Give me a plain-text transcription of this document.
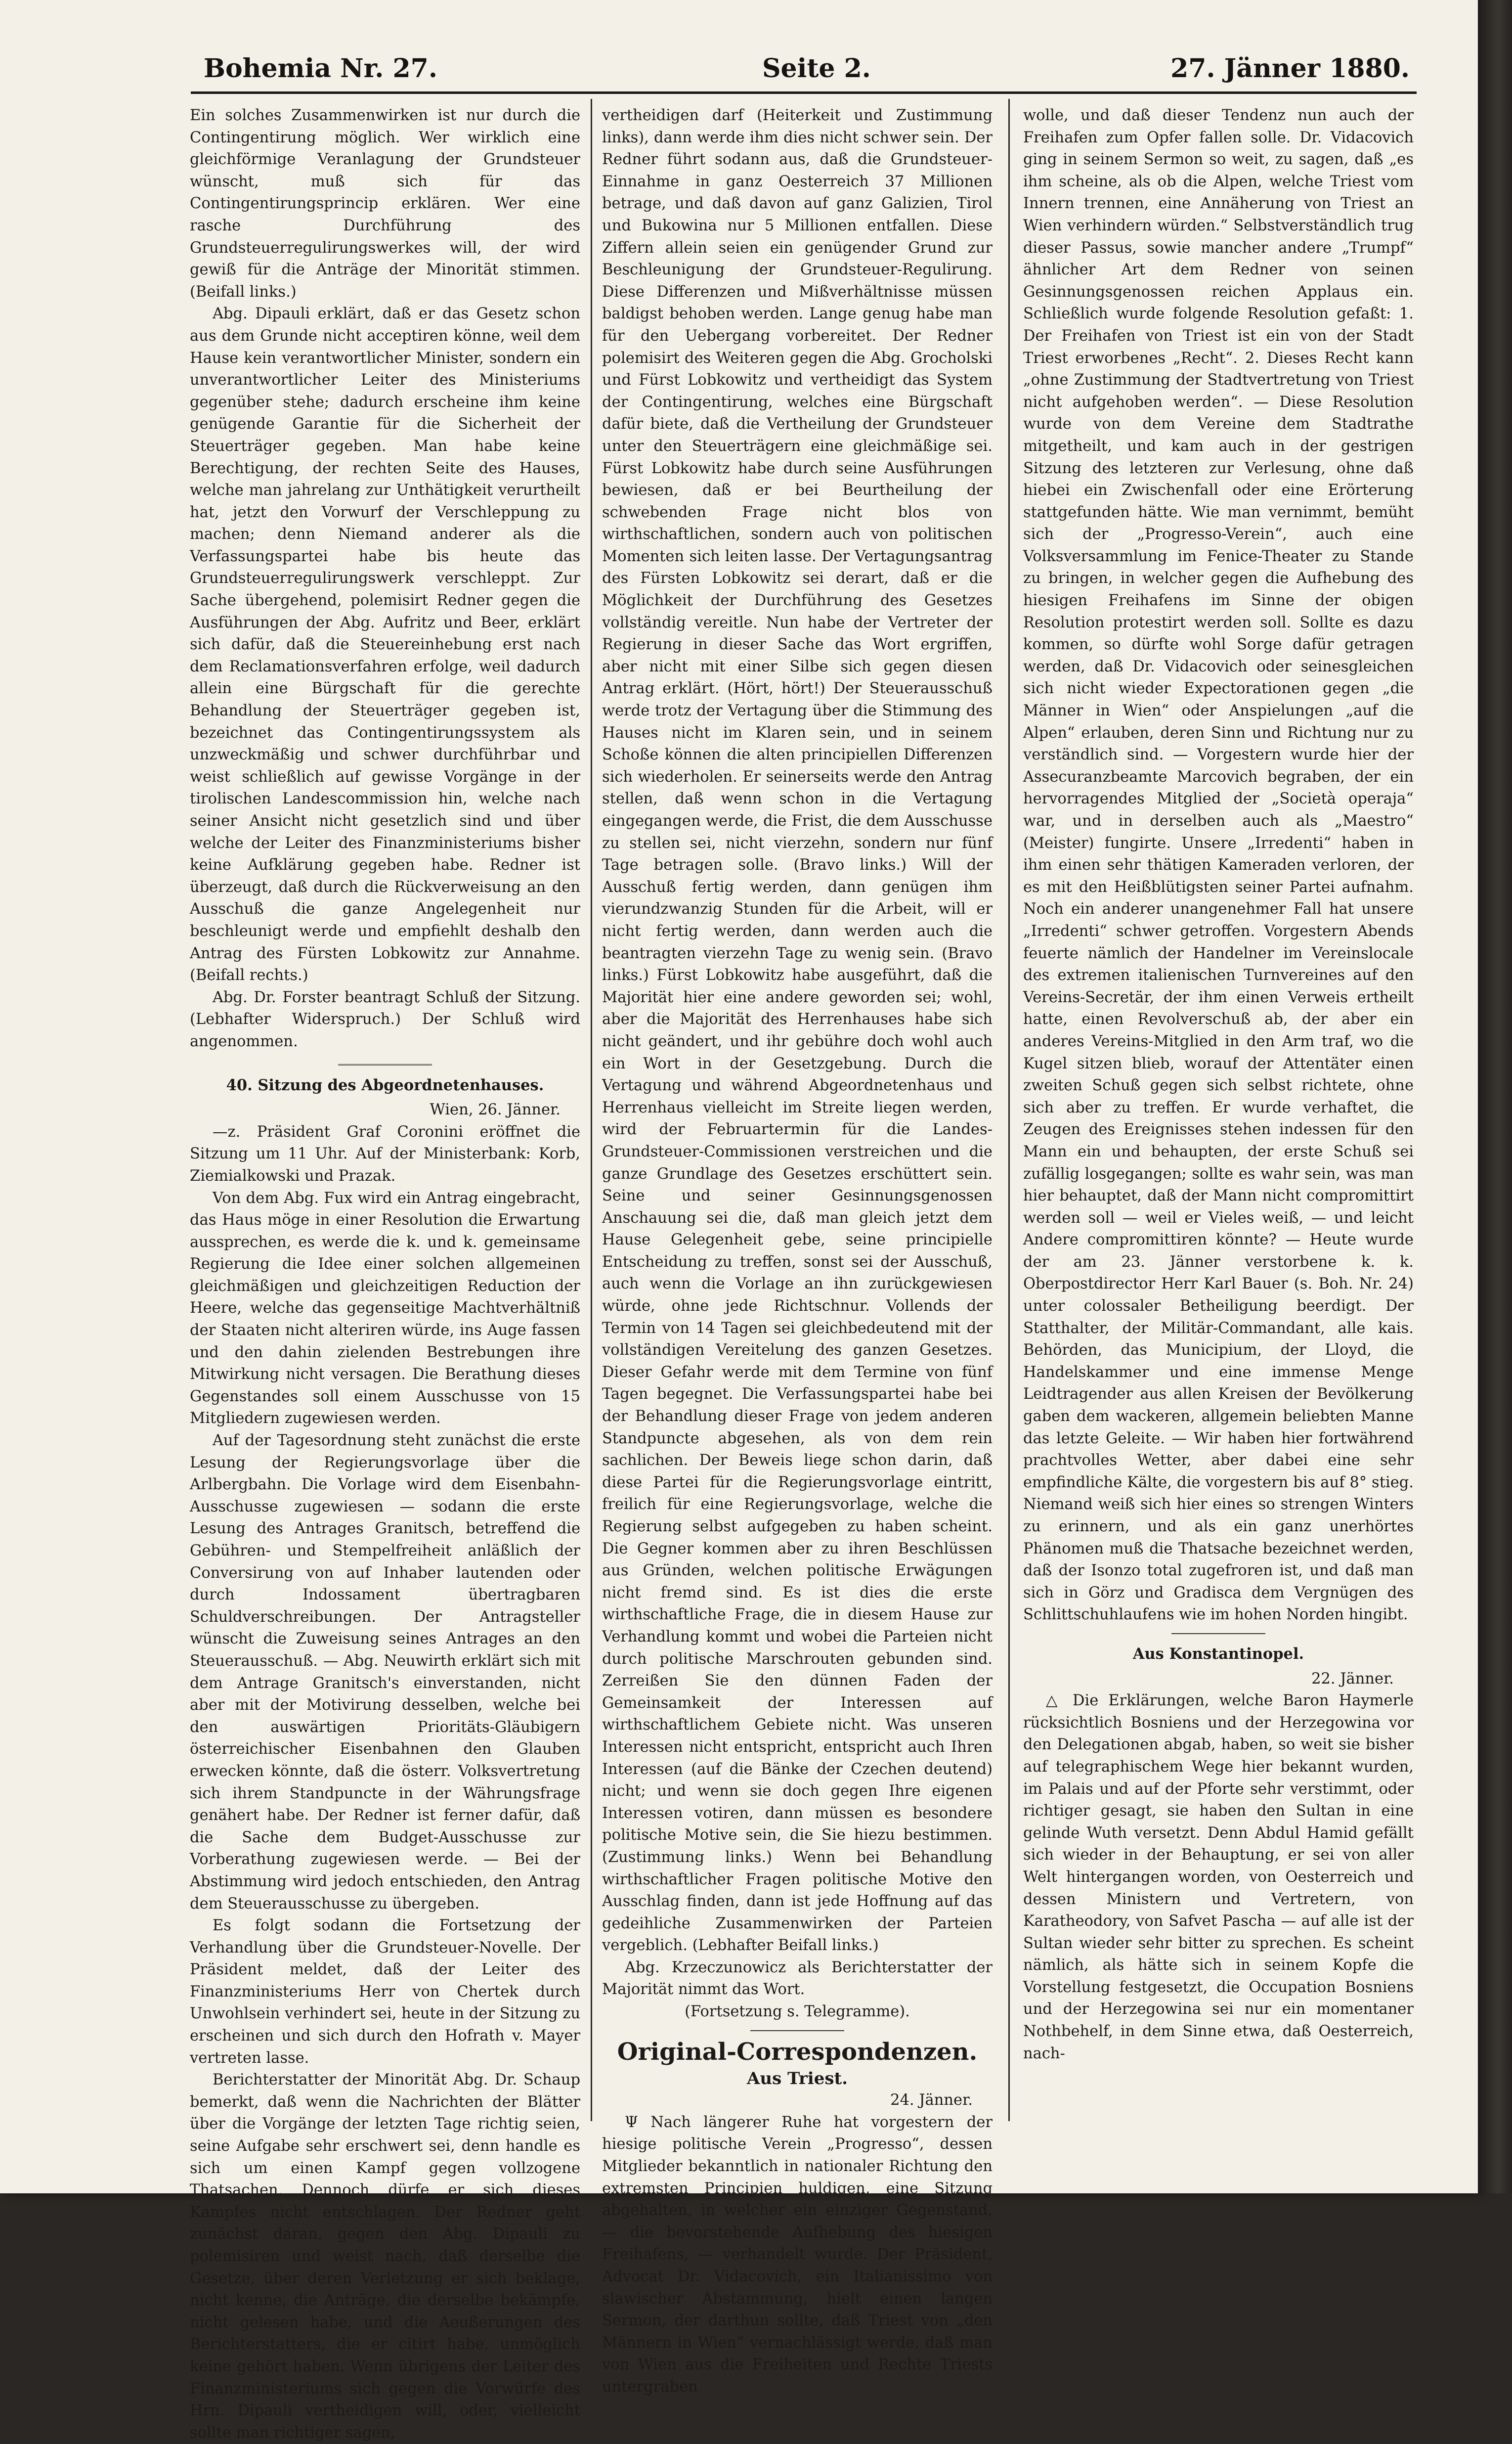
Bohemia Nr. 27.	Seite 2.	27. Jänner 1880.

Ein solches Zusammenwirken ist nur durch die Contingentirung möglich. Wer wirklich eine gleichförmige Veranlagung der Grundsteuer wünscht, muß sich für das Contingentirungsprincip erklären. Wer eine rasche Durchführung des Grundsteuerregulirungswerkes will, der wird gewiß für die Anträge der Minorität stimmen. (Beifall links.)

Abg. Dipauli erklärt, daß er das Gesetz schon aus dem Grunde nicht acceptiren könne, weil dem Hause kein verantwortlicher Minister, sondern ein unverantwortlicher Leiter des Ministeriums gegenüber stehe; dadurch erscheine ihm keine genügende Garantie für die Sicherheit der Steuerträger gegeben. Man habe keine Berechtigung, der rechten Seite des Hauses, welche man jahrelang zur Unthätigkeit verurtheilt hat, jetzt den Vorwurf der Verschleppung zu machen; denn Niemand anderer als die Verfassungspartei habe bis heute das Grundsteuerregulirungswerk verschleppt. Zur Sache übergehend, polemisirt Redner gegen die Ausführungen der Abg. Aufritz und Beer, erklärt sich dafür, daß die Steuereinhebung erst nach dem Reclamationsverfahren erfolge, weil dadurch allein eine Bürgschaft für die gerechte Behandlung der Steuerträger gegeben ist, bezeichnet das Contingentirungssystem als unzweckmäßig und schwer durchführbar und weist schließlich auf gewisse Vorgänge in der tirolischen Landescommission hin, welche nach seiner Ansicht nicht gesetzlich sind und über welche der Leiter des Finanzministeriums bisher keine Aufklärung gegeben habe. Redner ist überzeugt, daß durch die Rückverweisung an den Ausschuß die ganze Angelegenheit nur beschleunigt werde und empfiehlt deshalb den Antrag des Fürsten Lobkowitz zur Annahme. (Beifall rechts.)

Abg. Dr. Forster beantragt Schluß der Sitzung. (Lebhafter Widerspruch.) Der Schluß wird angenommen.

40. Sitzung des Abgeordnetenhauses.

Wien, 26. Jänner.

—z. Präsident Graf Coronini eröffnet die Sitzung um 11 Uhr. Auf der Ministerbank: Korb, Ziemialkowski und Prazak.

Von dem Abg. Fux wird ein Antrag eingebracht, das Haus möge in einer Resolution die Erwartung aussprechen, es werde die k. und k. gemeinsame Regierung die Idee einer solchen allgemeinen gleichmäßigen und gleichzeitigen Reduction der Heere, welche das gegenseitige Machtverhältniß der Staaten nicht alteriren würde, ins Auge fassen und den dahin zielenden Bestrebungen ihre Mitwirkung nicht versagen. Die Berathung dieses Gegenstandes soll einem Ausschusse von 15 Mitgliedern zugewiesen werden.

Auf der Tagesordnung steht zunächst die erste Lesung der Regierungsvorlage über die Arlbergbahn. Die Vorlage wird dem Eisenbahn-Ausschusse zugewiesen — sodann die erste Lesung des Antrages Granitsch, betreffend die Gebühren- und Stempelfreiheit anläßlich der Conversirung von auf Inhaber lautenden oder durch Indossament übertragbaren Schuldverschreibungen. Der Antragsteller wünscht die Zuweisung seines Antrages an den Steuerausschuß. — Abg. Neuwirth erklärt sich mit dem Antrage Granitsch's einverstanden, nicht aber mit der Motivirung desselben, welche bei den auswärtigen Prioritäts-Gläubigern österreichischer Eisenbahnen den Glauben erwecken könnte, daß die österr. Volksvertretung sich ihrem Standpuncte in der Währungsfrage genähert habe. Der Redner ist ferner dafür, daß die Sache dem Budget-Ausschusse zur Vorberathung zugewiesen werde. — Bei der Abstimmung wird jedoch entschieden, den Antrag dem Steuerausschusse zu übergeben.

Es folgt sodann die Fortsetzung der Verhandlung über die Grundsteuer-Novelle. Der Präsident meldet, daß der Leiter des Finanzministeriums Herr von Chertek durch Unwohlsein verhindert sei, heute in der Sitzung zu erscheinen und sich durch den Hofrath v. Mayer vertreten lasse.

Berichterstatter der Minorität Abg. Dr. Schaup bemerkt, daß wenn die Nachrichten der Blätter über die Vorgänge der letzten Tage richtig seien, seine Aufgabe sehr erschwert sei, denn handle es sich um einen Kampf gegen vollzogene Thatsachen. Dennoch dürfe er sich dieses Kampfes nicht entschlagen. Der Redner geht zunächst daran, gegen den Abg. Dipauli zu polemisiren und weist nach, daß derselbe die Gesetze, über deren Verletzung er sich beklage, nicht kenne, die Anträge, die derselbe bekämpfe, nicht gelesen habe, und die Aeußerungen des Berichterstatters, die er citirt habe, unmöglich keine gehört haben. Wenn übrigens der Leiter des Finanzministeriums sich gegen die Vorwürfe des Hrn. Dipauli vertheidigen will, oder, vielleicht sollte man richtiger sagen,

vertheidigen darf (Heiterkeit und Zustimmung links), dann werde ihm dies nicht schwer sein. Der Redner führt sodann aus, daß die Grundsteuer-Einnahme in ganz Oesterreich 37 Millionen betrage, und daß davon auf ganz Galizien, Tirol und Bukowina nur 5 Millionen entfallen. Diese Ziffern allein seien ein genügender Grund zur Beschleunigung der Grundsteuer-Regulirung. Diese Differenzen und Mißverhältnisse müssen baldigst behoben werden. Lange genug habe man für den Uebergang vorbereitet. Der Redner polemisirt des Weiteren gegen die Abg. Grocholski und Fürst Lobkowitz und vertheidigt das System der Contingentirung, welches eine Bürgschaft dafür biete, daß die Vertheilung der Grundsteuer unter den Steuerträgern eine gleichmäßige sei. Fürst Lobkowitz habe durch seine Ausführungen bewiesen, daß er bei Beurtheilung der schwebenden Frage nicht blos von wirthschaftlichen, sondern auch von politischen Momenten sich leiten lasse. Der Vertagungsantrag des Fürsten Lobkowitz sei derart, daß er die Möglichkeit der Durchführung des Gesetzes vollständig vereitle. Nun habe der Vertreter der Regierung in dieser Sache das Wort ergriffen, aber nicht mit einer Silbe sich gegen diesen Antrag erklärt. (Hört, hört!) Der Steuerausschuß werde trotz der Vertagung über die Stimmung des Hauses nicht im Klaren sein, und in seinem Schoße können die alten principiellen Differenzen sich wiederholen. Er seinerseits werde den Antrag stellen, daß wenn schon in die Vertagung eingegangen werde, die Frist, die dem Ausschusse zu stellen sei, nicht vierzehn, sondern nur fünf Tage betragen solle. (Bravo links.) Will der Ausschuß fertig werden, dann genügen ihm vierundzwanzig Stunden für die Arbeit, will er nicht fertig werden, dann werden auch die beantragten vierzehn Tage zu wenig sein. (Bravo links.) Fürst Lobkowitz habe ausgeführt, daß die Majorität hier eine andere geworden sei; wohl, aber die Majorität des Herrenhauses habe sich nicht geändert, und ihr gebühre doch wohl auch ein Wort in der Gesetzgebung. Durch die Vertagung und während Abgeordnetenhaus und Herrenhaus vielleicht im Streite liegen werden, wird der Februartermin für die Landes-Grundsteuer-Commissionen verstreichen und die ganze Grundlage des Gesetzes erschüttert sein. Seine und seiner Gesinnungsgenossen Anschauung sei die, daß man gleich jetzt dem Hause Gelegenheit gebe, seine principielle Entscheidung zu treffen, sonst sei der Ausschuß, auch wenn die Vorlage an ihn zurückgewiesen würde, ohne jede Richtschnur. Vollends der Termin von 14 Tagen sei gleichbedeutend mit der vollständigen Vereitelung des ganzen Gesetzes. Dieser Gefahr werde mit dem Termine von fünf Tagen begegnet. Die Verfassungspartei habe bei der Behandlung dieser Frage von jedem anderen Standpuncte abgesehen, als von dem rein sachlichen. Der Beweis liege schon darin, daß diese Partei für die Regierungsvorlage eintritt, freilich für eine Regierungsvorlage, welche die Regierung selbst aufgegeben zu haben scheint. Die Gegner kommen aber zu ihren Beschlüssen aus Gründen, welchen politische Erwägungen nicht fremd sind. Es ist dies die erste wirthschaftliche Frage, die in diesem Hause zur Verhandlung kommt und wobei die Parteien nicht durch politische Marschrouten gebunden sind. Zerreißen Sie den dünnen Faden der Gemeinsamkeit der Interessen auf wirthschaftlichem Gebiete nicht. Was unseren Interessen nicht entspricht, entspricht auch Ihren Interessen (auf die Bänke der Czechen deutend) nicht; und wenn sie doch gegen Ihre eigenen Interessen votiren, dann müssen es besondere politische Motive sein, die Sie hiezu bestimmen. (Zustimmung links.) Wenn bei Behandlung wirthschaftlicher Fragen politische Motive den Ausschlag finden, dann ist jede Hoffnung auf das gedeihliche Zusammenwirken der Parteien vergeblich. (Lebhafter Beifall links.)

Abg. Krzeczunowicz als Berichterstatter der Majorität nimmt das Wort.

(Fortsetzung s. Telegramme).

Original-Correspondenzen.

Aus Triest.

24. Jänner.

Ψ Nach längerer Ruhe hat vorgestern der hiesige politische Verein „Progresso“, dessen Mitglieder bekanntlich in nationaler Richtung den extremsten Principien huldigen, eine Sitzung abgehalten, in welcher ein einziger Gegenstand, — die bevorstehende Aufhebung des hiesigen Freihafens, — verhandelt wurde. Der Präsident, Advocat Dr. Vidacovich, ein Italianissimo von slawischer Abstammung, hielt einen langen Sermon, der darthun sollte, daß Triest von „den Männern in Wien“ vernachlässigt werde, daß man von Wien aus die Freiheiten und Rechte Triests untergraben

wolle, und daß dieser Tendenz nun auch der Freihafen zum Opfer fallen solle. Dr. Vidacovich ging in seinem Sermon so weit, zu sagen, daß „es ihm scheine, als ob die Alpen, welche Triest vom Innern trennen, eine Annäherung von Triest an Wien verhindern würden.“ Selbstverständlich trug dieser Passus, sowie mancher andere „Trumpf“ ähnlicher Art dem Redner von seinen Gesinnungsgenossen reichen Applaus ein. Schließlich wurde folgende Resolution gefaßt: 1. Der Freihafen von Triest ist ein von der Stadt Triest erworbenes „Recht“. 2. Dieses Recht kann „ohne Zustimmung der Stadtvertretung von Triest nicht aufgehoben werden“. — Diese Resolution wurde von dem Vereine dem Stadtrathe mitgetheilt, und kam auch in der gestrigen Sitzung des letzteren zur Verlesung, ohne daß hiebei ein Zwischenfall oder eine Erörterung stattgefunden hätte. Wie man vernimmt, bemüht sich der „Progresso-Verein“, auch eine Volksversammlung im Fenice-Theater zu Stande zu bringen, in welcher gegen die Aufhebung des hiesigen Freihafens im Sinne der obigen Resolution protestirt werden soll. Sollte es dazu kommen, so dürfte wohl Sorge dafür getragen werden, daß Dr. Vidacovich oder seinesgleichen sich nicht wieder Expectorationen gegen „die Männer in Wien“ oder Anspielungen „auf die Alpen“ erlauben, deren Sinn und Richtung nur zu verständlich sind. — Vorgestern wurde hier der Assecuranzbeamte Marcovich begraben, der ein hervorragendes Mitglied der „Società operaja“ war, und in derselben auch als „Maestro“ (Meister) fungirte. Unsere „Irredenti“ haben in ihm einen sehr thätigen Kameraden verloren, der es mit den Heißblütigsten seiner Partei aufnahm. Noch ein anderer unangenehmer Fall hat unsere „Irredenti“ schwer getroffen. Vorgestern Abends feuerte nämlich der Handelner im Vereinslocale des extremen italienischen Turnvereines auf den Vereins-Secretär, der ihm einen Verweis ertheilt hatte, einen Revolverschuß ab, der aber ein anderes Vereins-Mitglied in den Arm traf, wo die Kugel sitzen blieb, worauf der Attentäter einen zweiten Schuß gegen sich selbst richtete, ohne sich aber zu treffen. Er wurde verhaftet, die Zeugen des Ereignisses stehen indessen für den Mann ein und behaupten, der erste Schuß sei zufällig losgegangen; sollte es wahr sein, was man hier behauptet, daß der Mann nicht compromittirt werden soll — weil er Vieles weiß, — und leicht Andere compromittiren könnte? — Heute wurde der am 23. Jänner verstorbene k. k. Oberpostdirector Herr Karl Bauer (s. Boh. Nr. 24) unter colossaler Betheiligung beerdigt. Der Statthalter, der Militär-Commandant, alle kais. Behörden, das Municipium, der Lloyd, die Handelskammer und eine immense Menge Leidtragender aus allen Kreisen der Bevölkerung gaben dem wackeren, allgemein beliebten Manne das letzte Geleite. — Wir haben hier fortwährend prachtvolles Wetter, aber dabei eine sehr empfindliche Kälte, die vorgestern bis auf 8° stieg. Niemand weiß sich hier eines so strengen Winters zu erinnern, und als ein ganz unerhörtes Phänomen muß die Thatsache bezeichnet werden, daß der Isonzo total zugefroren ist, und daß man sich in Görz und Gradisca dem Vergnügen des Schlittschuhlaufens wie im hohen Norden hingibt.

Aus Konstantinopel.

22. Jänner.

△ Die Erklärungen, welche Baron Haymerle rücksichtlich Bosniens und der Herzegowina vor den Delegationen abgab, haben, so weit sie bisher auf telegraphischem Wege hier bekannt wurden, im Palais und auf der Pforte sehr verstimmt, oder richtiger gesagt, sie haben den Sultan in eine gelinde Wuth versetzt. Denn Abdul Hamid gefällt sich wieder in der Behauptung, er sei von aller Welt hintergangen worden, von Oesterreich und dessen Ministern und Vertretern, von Karatheodory, von Safvet Pascha — auf alle ist der Sultan wieder sehr bitter zu sprechen. Es scheint nämlich, als hätte sich in seinem Kopfe die Vorstellung festgesetzt, die Occupation Bosniens und der Herzegowina sei nur ein momentaner Nothbehelf, in dem Sinne etwa, daß Oesterreich, nach-
